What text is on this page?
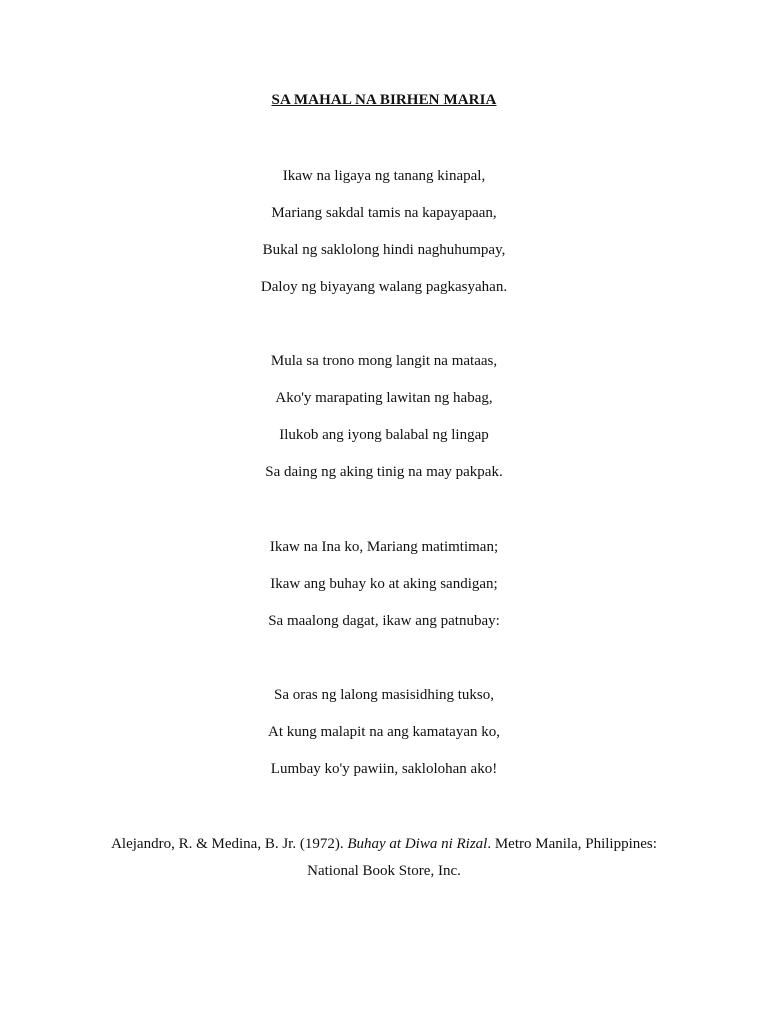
SA MAHAL NA BIRHEN MARIA
Ikaw na ligaya ng tanang kinapal,
Mariang sakdal tamis na kapayapaan,
Bukal ng saklolong hindi naghuhumpay,
Daloy ng biyayang walang pagkasyahan.
Mula sa trono mong langit na mataas,
Ako'y marapating lawitan ng habag,
Ilukob ang iyong balabal ng lingap
Sa daing ng aking tinig na may pakpak.
Ikaw na Ina ko, Mariang matimtiman;
Ikaw ang buhay ko at aking sandigan;
Sa maalong dagat, ikaw ang patnubay:
Sa oras ng lalong masisidhing tukso,
At kung malapit na ang kamatayan ko,
Lumbay ko'y pawiin, saklolohan ako!
Alejandro, R. & Medina, B. Jr. (1972). Buhay at Diwa ni Rizal. Metro Manila, Philippines:
National Book Store, Inc.
